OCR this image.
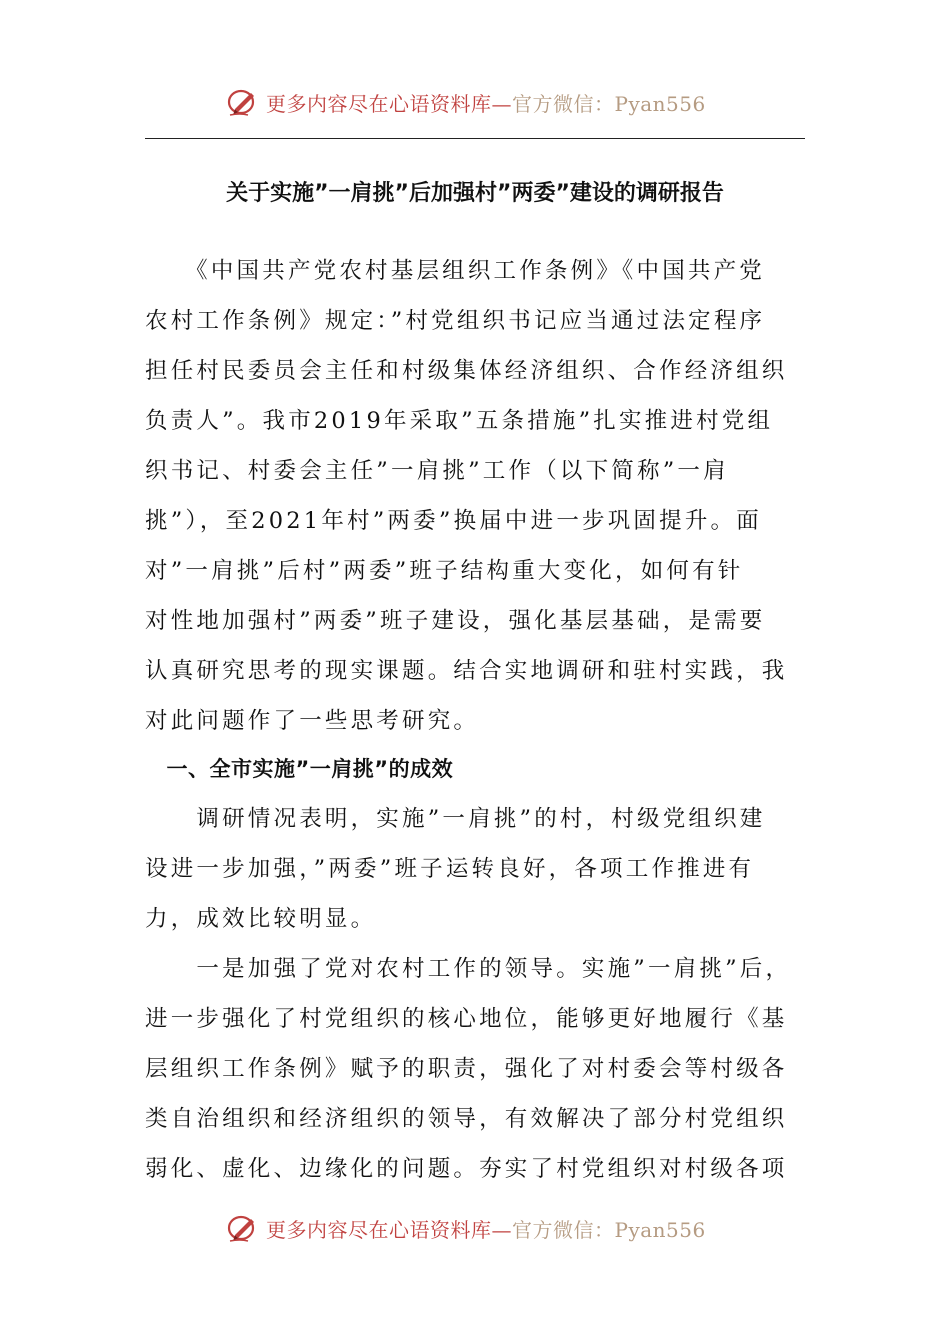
更多内容尽在心语资料库—官方微信：Pyan556
关于实施”一肩挑”后加强村”两委”建设的调研报告
　　《中国共产党农村基层组织工作条例》《中国共产党
农村工作条例》规定：”村党组织书记应当通过法定程序
担任村民委员会主任和村级集体经济组织、合作经济组织
负责人”。我市2019年采取”五条措施”扎实推进村党组
织书记、村委会主任”一肩挑”工作（以下简称”一肩
挑”），至2021年村”两委”换届中进一步巩固提升。面
对”一肩挑”后村”两委”班子结构重大变化，如何有针
对性地加强村”两委”班子建设，强化基层基础，是需要
认真研究思考的现实课题。结合实地调研和驻村实践，我
对此问题作了一些思考研究。
　一、全市实施”一肩挑”的成效
　　调研情况表明，实施”一肩挑”的村，村级党组织建
设进一步加强，”两委”班子运转良好，各项工作推进有
力，成效比较明显。
　　一是加强了党对农村工作的领导。实施”一肩挑”后，
进一步强化了村党组织的核心地位，能够更好地履行《基
层组织工作条例》赋予的职责，强化了对村委会等村级各
类自治组织和经济组织的领导，有效解决了部分村党组织
弱化、虚化、边缘化的问题。夯实了村党组织对村级各项
更多内容尽在心语资料库—官方微信：Pyan556
